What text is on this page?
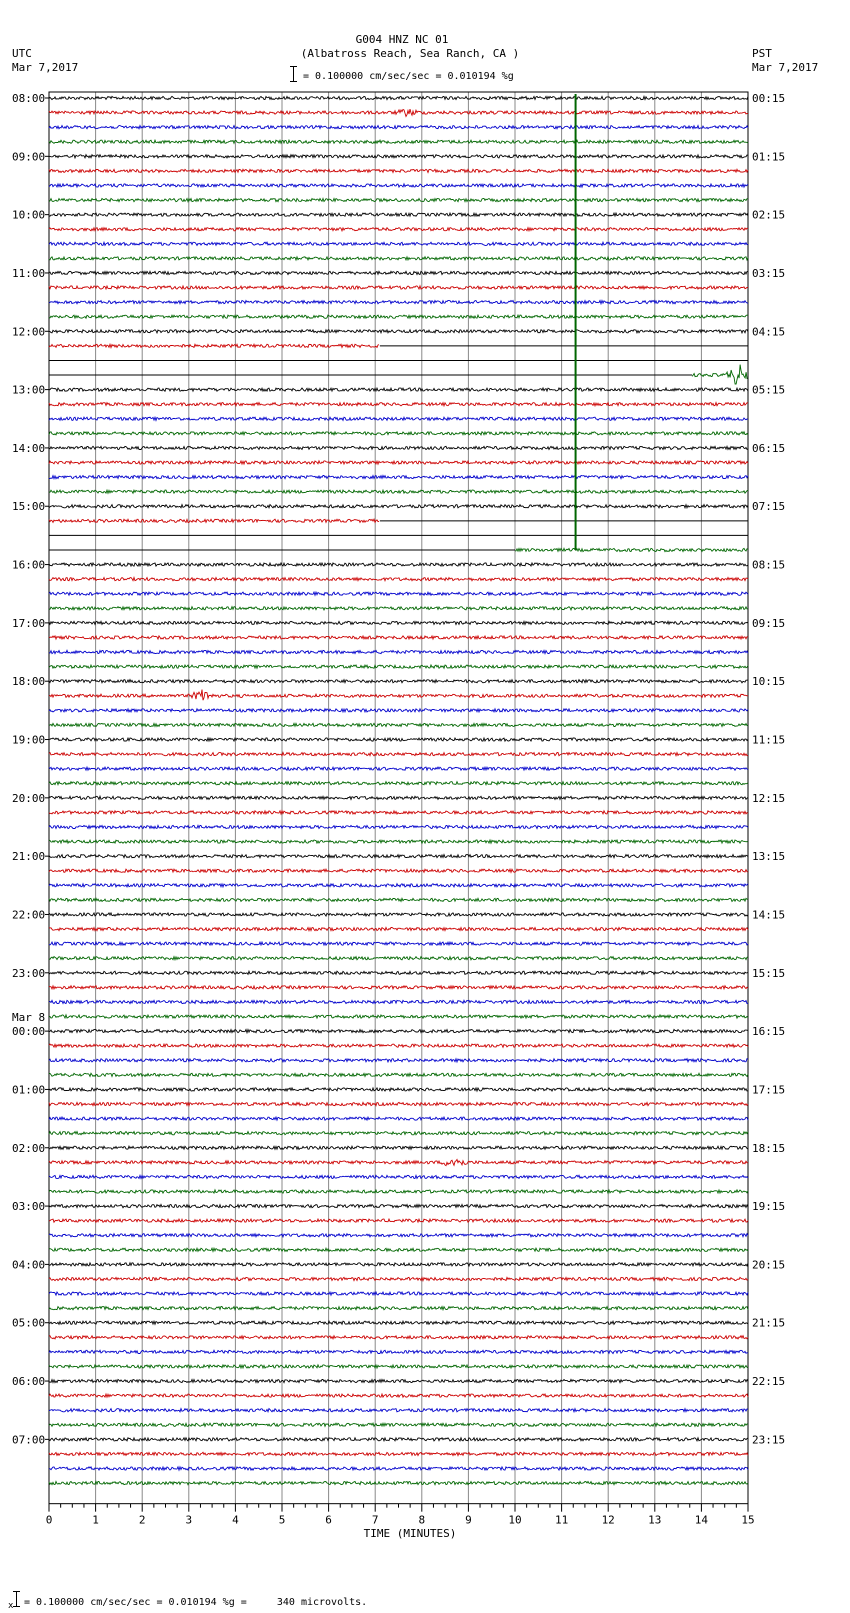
G004 HNZ NC 01
(Albatross Reach, Sea Ranch, CA )
UTC
Mar 7,2017
PST
Mar 7,2017
= 0.100000 cm/sec/sec = 0.010194 %g
08:00
09:00
10:00
11:00
12:00
13:00
14:00
15:00
16:00
17:00
18:00
19:00
20:00
21:00
22:00
23:00
00:00
01:00
02:00
03:00
04:00
05:00
06:00
07:00
00:15
01:15
02:15
03:15
04:15
05:15
06:15
07:15
08:15
09:15
10:15
11:15
12:15
13:15
14:15
15:15
16:15
17:15
18:15
19:15
20:15
21:15
22:15
23:15
Mar 8
0	1	2	3	4	5	6	7	8	9	10	11	12	13	14	15
TIME (MINUTES)
x = 0.100000 cm/sec/sec = 0.010194 %g =     340 microvolts.
